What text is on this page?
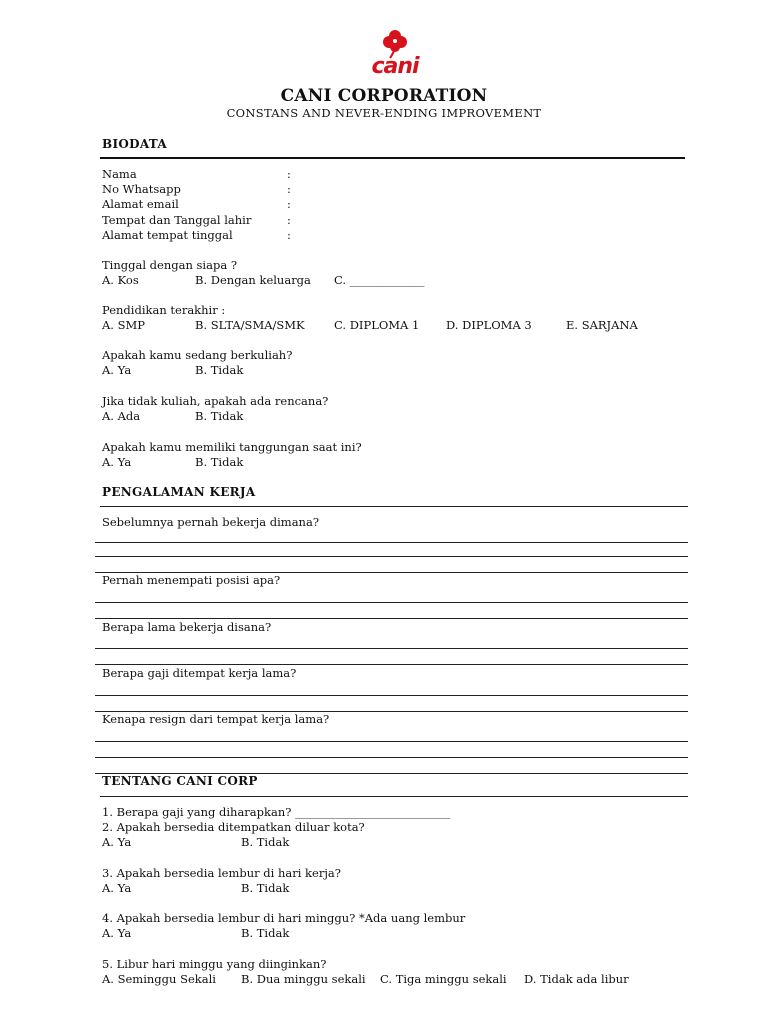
cani
CANI CORPORATION
CONSTANS AND NEVER-ENDING IMPROVEMENT
BIODATA
Nama	:
No Whatsapp	:
Alamat email	:
Tempat dan Tanggal lahir	:
Alamat tempat tinggal	:
Tinggal dengan siapa ?
A. Kos	B. Dengan keluarga C. _____________
Pendidikan terakhir :
A. SMP	B. SLTA/SMA/SMK	C. DIPLOMA 1 D. DIPLOMA 3	E. SARJANA
Apakah kamu sedang berkuliah?
A. Ya	B. Tidak
Jika tidak kuliah, apakah ada rencana?
A. Ada	B. Tidak
Apakah kamu memiliki tanggungan saat ini?
A. Ya	B. Tidak
PENGALAMAN KERJA
Sebelumnya pernah bekerja dimana?
Pernah menempati posisi apa?
Berapa lama bekerja disana?
Berapa gaji ditempat kerja lama?
Kenapa resign dari tempat kerja lama?
TENTANG CANI CORP
1. Berapa gaji yang diharapkan? ___________________________
2. Apakah bersedia ditempatkan diluar kota?
A. Ya	B. Tidak
3. Apakah bersedia lembur di hari kerja?
A. Ya	B. Tidak
4. Apakah bersedia lembur di hari minggu? *Ada uang lembur
A. Ya	B. Tidak
5. Libur hari minggu yang diinginkan?
A. Seminggu Sekali B. Dua minggu sekali C. Tiga minggu sekali D. Tidak ada libur
